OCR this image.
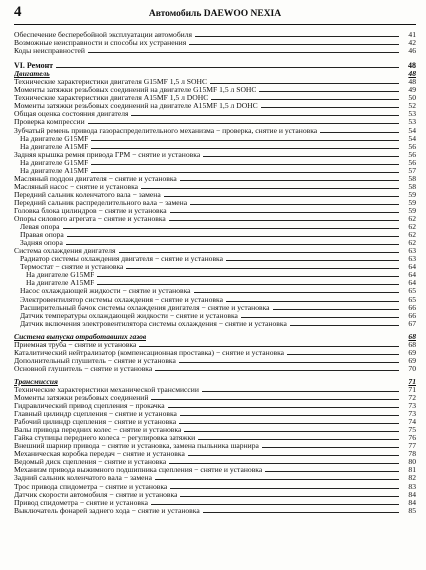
4	Автомобиль DAEWOO NEXIA
Обеспечение бесперебойной эксплуатации автомобиля	41
Возможные неисправности и способы их устранения	42
Коды неисправностей	46
VI. Ремонт	48
Двигатель	48
Технические характеристики двигателя G15MF 1,5 л SOHC	48
Моменты затяжки резьбовых соединений на двигателе G15MF 1,5 л SOHC	49
Технические характеристики двигателя A15MF 1,5 л DOHC	50
Моменты затяжки резьбовых соединений на двигателе A15MF 1,5 л DOHC	52
Общая оценка состояния двигателя	53
Проверка компрессии	53
Зубчатый ремень привода газораспределительного механизма − проверка, снятие и установка	54
На двигателе G15MF	54
На двигателе A15MF	56
Задняя крышка ремня привода ГРМ − снятие и установка	56
На двигателе G15MF	56
На двигателе A15MF	57
Масляный поддон двигателя − снятие и установка	58
Масляный насос − снятие и установка	58
Передний сальник коленчатого вала − замена	59
Передний сальник распределительного вала − замена	59
Головка блока цилиндров − снятие и установка	59
Опоры силового агрегата − снятие и установка	62
Левая опора	62
Правая опора	62
Задняя опора	62
Система охлаждения двигателя	63
Радиатор системы охлаждения двигателя − снятие и установка	63
Термостат − снятие и установка	64
На двигателе G15MF	64
На двигателе A15MF	64
Насос охлаждающей жидкости − снятие и установка	65
Электровентилятор системы охлаждения − снятие и установка	65
Расширительный бачок системы охлаждения двигателя − снятие и установка	66
Датчик температуры охлаждающей жидкости − снятие и установка	66
Датчик включения электровентилятора системы охлаждения − снятие и установка	67
Система выпуска отработавших газов	68
Приемная труба − снятие и установка	68
Каталитический нейтрализатор (компенсационная проставка) − снятие и установка	69
Дополнительный глушитель − снятие и установка	69
Основной глушитель − снятие и установка	70
Трансмиссия	71
Технические характеристики механической трансмиссии	71
Моменты затяжки резьбовых соединений	72
Гидравлический привод сцепления − прокачка	73
Главный цилиндр сцепления − снятие и установка	73
Рабочий цилиндр сцепления − снятие и установка	74
Валы привода передних колес − снятие и установка	75
Гайка ступицы переднего колеса − регулировка затяжки	76
Внешний шарнир привода − снятие и установка, замена пыльника шарнира	77
Механическая коробка передач − снятие и установка	78
Ведомый диск сцепления − снятие и установка	80
Механизм привода выжимного подшипника сцепления − снятие и установка	81
Задний сальник коленчатого вала − замена	82
Трос привода спидометра − снятие и установка	83
Датчик скорости автомобиля − снятие и установка	84
Привод спидометра − снятие и установка	84
Выключатель фонарей заднего хода − снятие и установка	85
